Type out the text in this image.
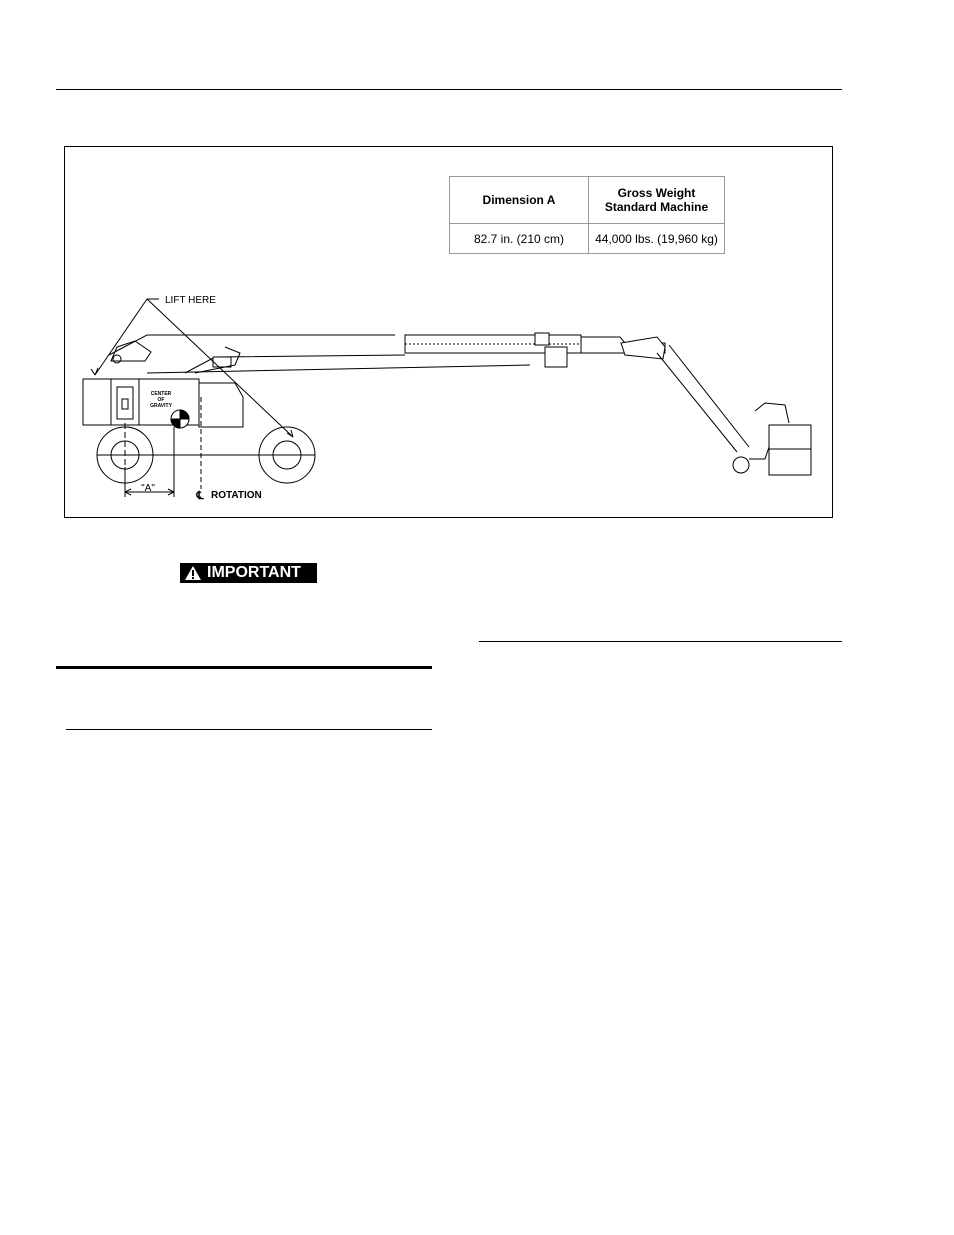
LIFT HERE
CENTER
OF
GRAVITY
"A"
℄ ROTATION
Dimension A	Gross Weight
Standard Machine
82.7 in. (210 cm)	44,000 lbs. (19,960 kg)
IMPORTANT
